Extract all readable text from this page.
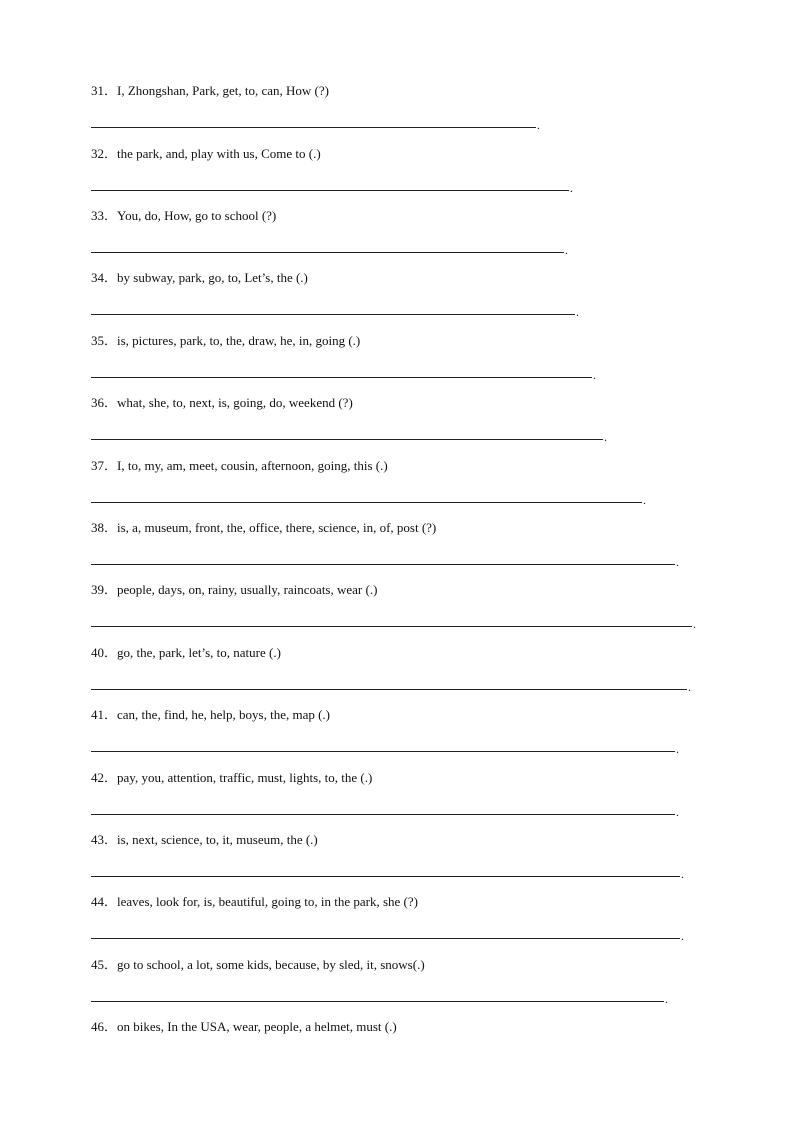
31．I, Zhongshan, Park, get, to, can, How (?)
.
32．the park, and, play with us, Come to (.)
.
33．You, do, How, go to school (?)
.
34．by subway, park, go, to, Let’s, the (.)
.
35．is, pictures, park, to, the, draw, he, in, going (.)
.
36．what, she, to, next, is, going, do, weekend (?)
.
37．I, to, my, am, meet, cousin, afternoon, going, this (.)
.
38．is, a, museum, front, the, office, there, science, in, of, post (?)
.
39．people, days, on, rainy, usually, raincoats, wear (.)
.
40．go, the, park, let’s, to, nature (.)
.
41．can, the, find, he, help, boys, the, map (.)
.
42．pay, you, attention, traffic, must, lights, to, the (.)
.
43．is, next, science, to, it, museum, the (.)
.
44．leaves, look for, is, beautiful, going to, in the park, she (?)
.
45．go to school, a lot, some kids, because, by sled, it, snows(.)
.
46．on bikes, In the USA, wear, people, a helmet, must (.)
